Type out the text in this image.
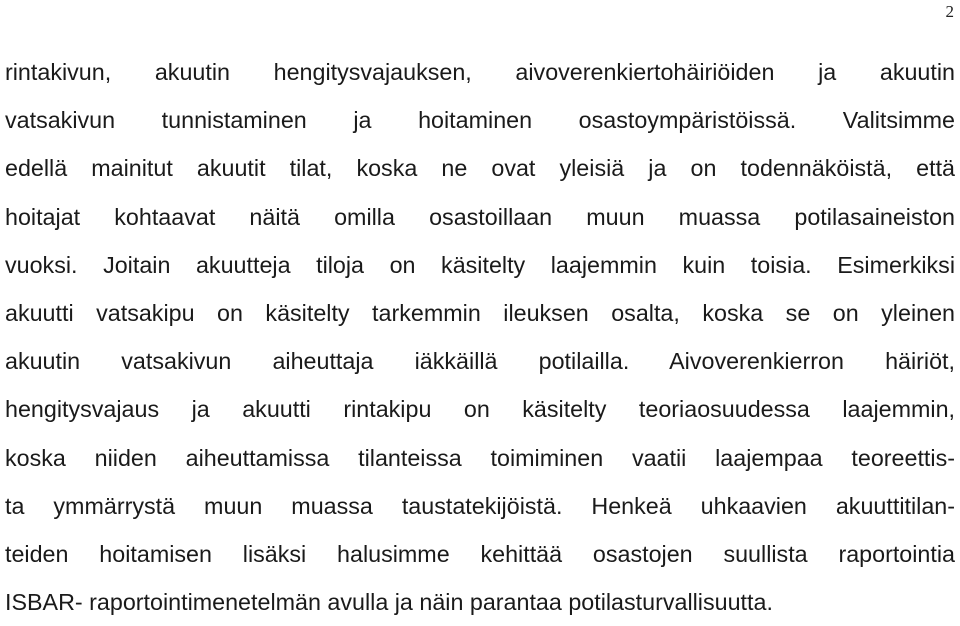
2
rintakivun, akuutin hengitysvajauksen, aivoverenkiertohäiriöiden ja akuutin
vatsakivun tunnistaminen ja hoitaminen osastoympäristöissä. Valitsimme
edellä mainitut akuutit tilat, koska ne ovat yleisiä ja on todennäköistä, että
hoitajat kohtaavat näitä omilla osastoillaan muun muassa potilasaineiston
vuoksi. Joitain akuutteja tiloja on käsitelty laajemmin kuin toisia. Esimerkiksi
akuutti vatsakipu on käsitelty tarkemmin ileuksen osalta, koska se on yleinen
akuutin vatsakivun aiheuttaja iäkkäillä potilailla. Aivoverenkierron häiriöt,
hengitysvajaus ja akuutti rintakipu on käsitelty teoriaosuudessa laajemmin,
koska niiden aiheuttamissa tilanteissa toimiminen vaatii laajempaa teoreettis-
ta ymmärrystä muun muassa taustatekijöistä. Henkeä uhkaavien akuuttitilan-
teiden hoitamisen lisäksi halusimme kehittää osastojen suullista raportointia
ISBAR- raportointimenetelmän avulla ja näin parantaa potilasturvallisuutta.
